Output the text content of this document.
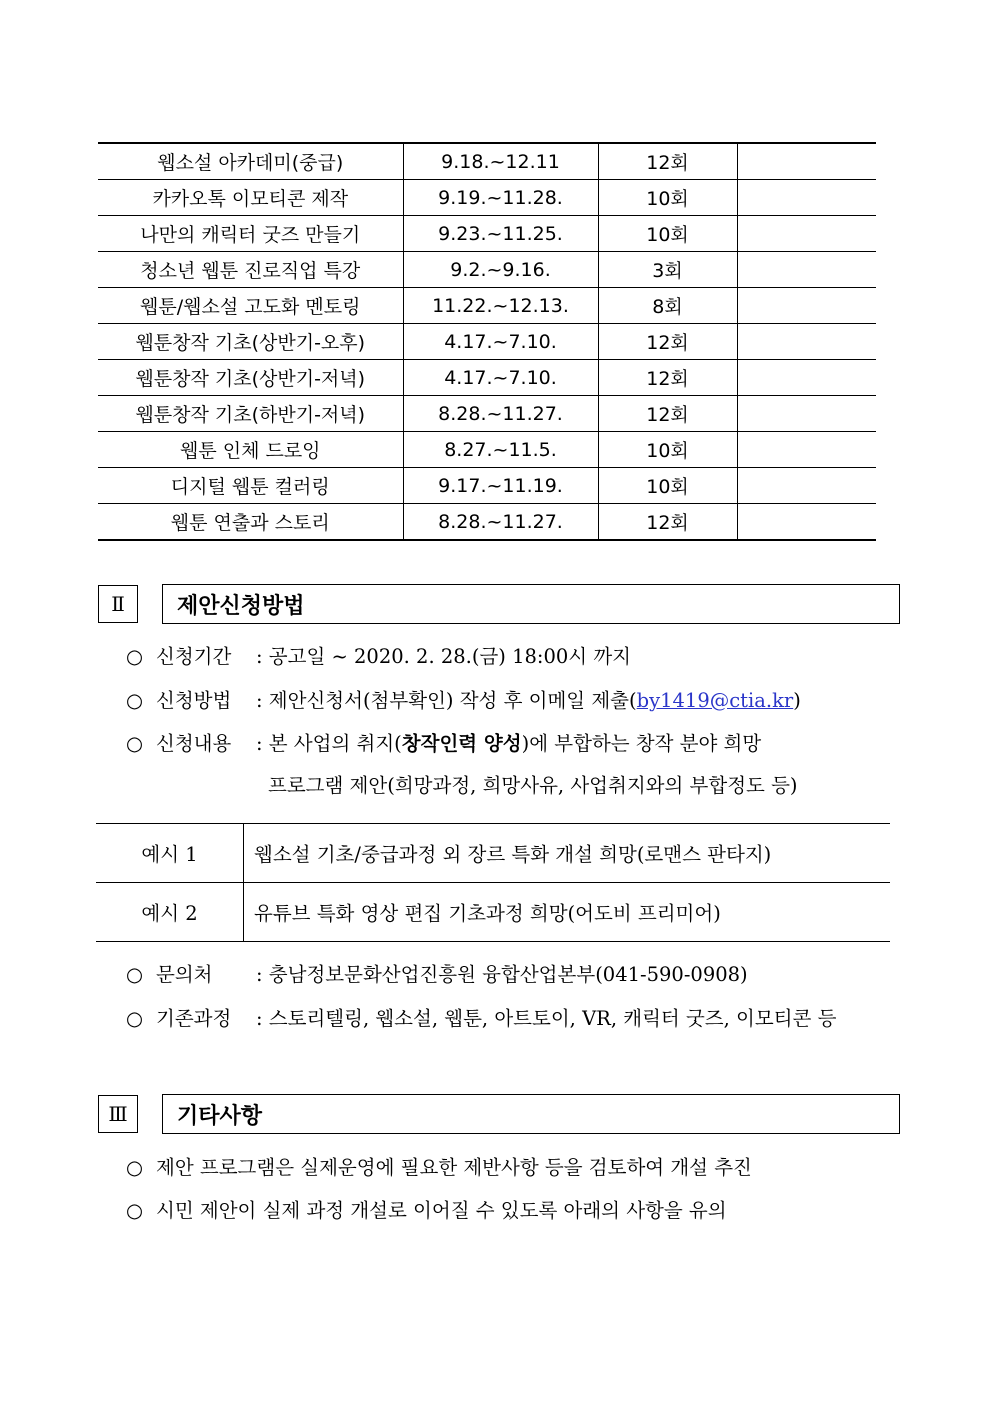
웹소설 아카데미(중급)	9.18.~12.11	12회	
카카오톡 이모티콘 제작	9.19.~11.28.	10회	
나만의 캐릭터 굿즈 만들기	9.23.~11.25.	10회	
청소년 웹툰 진로직업 특강	9.2.~9.16.	3회	
웹툰/웹소설 고도화 멘토링	11.22.~12.13.	8회	
웹툰창작 기초(상반기-오후)	4.17.~7.10.	12회	
웹툰창작 기초(상반기-저녁)	4.17.~7.10.	12회	
웹툰창작 기초(하반기-저녁)	8.28.~11.27.	12회	
웹툰 인체 드로잉	8.27.~11.5.	10회	
디지털 웹툰 컬러링	9.17.~11.19.	10회	
웹툰 연출과 스토리	8.28.~11.27.	12회	
Ⅱ	제안신청방법
○ 신청기간 : 공고일 ~ 2020. 2. 28.(금) 18:00시 까지
○ 신청방법 : 제안신청서(첨부확인) 작성 후 이메일 제출(by1419@ctia.kr)
○ 신청내용 : 본 사업의 취지(창작인력 양성)에 부합하는 창작 분야 희망
프로그램 제안(희망과정, 희망사유, 사업취지와의 부합정도 등)
예시 1	웹소설 기초/중급과정 외 장르 특화 개설 희망(로맨스 판타지)
예시 2	유튜브 특화 영상 편집 기초과정 희망(어도비 프리미어)
○ 문의처 : 충남정보문화산업진흥원 융합산업본부(041-590-0908)
○ 기존과정 : 스토리텔링, 웹소설, 웹툰, 아트토이, VR, 캐릭터 굿즈, 이모티콘 등
Ⅲ	기타사항
○ 제안 프로그램은 실제운영에 필요한 제반사항 등을 검토하여 개설 추진
○ 시민 제안이 실제 과정 개설로 이어질 수 있도록 아래의 사항을 유의
